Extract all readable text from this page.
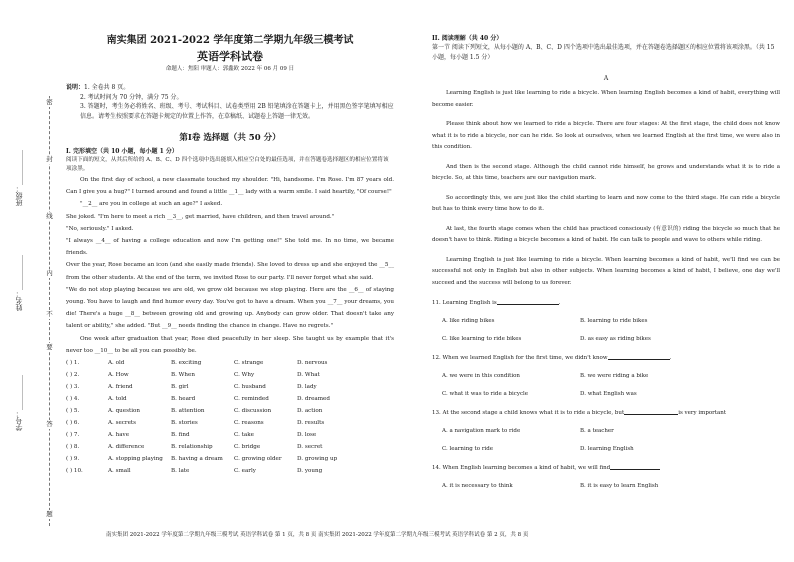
密
封
线
内
不
要
答
题
班级：__________
姓名：__________
学号：__________
南实集团 2021-2022 学年度第二学期九年级三模考试
英语学科试卷
命题人：焦阳 审题人：郭鑫欧 2022 年 06 月 09 日
说明：1. 全卷共 8 页。
2. 考试时间为 70 分钟，满分 75 分。
3. 答题时，考生务必将姓名、班级、考号、考试科目、试卷类型用 2B 铅笔填涂在答题卡上，并用黑色签字笔填写相应信息。请考生按照要求在答题卡规定的位置上作答，在草稿纸、试题卷上答题一律无效。
第Ⅰ卷 选择题（共 50 分）
I. 完形填空（共 10 小题，每小题 1 分）
阅读下面的短文，从其后所给的 A、B、C、D 四个选项中选出能填入相应空白处的最佳选项，并在答题卷选择题区的相应位置将该项涂黑。
On the first day of school, a new classmate touched my shoulder. "Hi, handsome. I'm Rose. I'm 87 years old. Can I give you a hug?" I turned around and found a little __1__ lady with a warm smile. I said heartily, "Of course!"
"__2__ are you in college at such an age?" I asked.
She joked. "I'm here to meet a rich __3__, get married, have children, and then travel around."
"No, seriously." I asked.
"I always __4__ of having a college education and now I'm getting one!" She told me. In no time, we became friends.
Over the year, Rose became an icon (and she easily made friends). She loved to dress up and she enjoyed the __5__ from the other students. At the end of the term, we invited Rose to our party. I'll never forget what she said.
"We do not stop playing because we are old, we grow old because we stop playing. Here are the __6__ of staying young. You have to laugh and find humor every day. You've got to have a dream. When you __7__ your dreams, you die! There's a huge __8__ between growing old and growing up. Anybody can grow older. That doesn't take any talent or ability," she added. "But __9__ needs finding the chance in change. Have no regrets."
One week after graduation that year, Rose died peacefully in her sleep. She taught us by example that it's never too __10__ to be all you can possibly be.
( ) 1.	A. old	B. exciting	C. strange	D. nervous
( ) 2.	A. How	B. When	C. Why	D. What
( ) 3.	A. friend	B. girl	C. husband	D. lady
( ) 4.	A. told	B. heard	C. reminded	D. dreamed
( ) 5.	A. question	B. attention	C. discussion	D. action
( ) 6.	A. secrets	B. stories	C. reasons	D. results
( ) 7.	A. have	B. find	C. take	D. lose
( ) 8.	A. difference	B. relationship	C. bridge	D. secret
( ) 9.	A. stopping playing	B. having a dream	C. growing older	D. growing up
( ) 10.	A. small	B. late	C. early	D. young
II. 阅读理解（共 40 分）
第一节 阅读下列短文，从每小题的 A、B、C、D 四个选项中选出最佳选项，并在答题卷选择题区的相应位置将该项涂黑。（共 15 小题，每小题 1.5 分）
A
Learning English is just like learning to ride a bicycle. When learning English becomes a kind of habit, everything will become easier.
Please think about how we learned to ride a bicycle. There are four stages: At the first stage, the child does not know what it is to ride a bicycle, nor can he ride. So look at ourselves, when we learned English at the first time, we were also in this condition.
And then is the second stage. Although the child cannot ride himself, he grows and understands what it is to ride a bicycle. So, at this time, teachers are our navigation mark.
So accordingly this, we are just like the child starting to learn and now come to the third stage. He can ride a bicycle but has to think every time how to do it.
At last, the fourth stage comes when the child has practiced consciously (有意识的) riding the bicycle so much that he doesn't have to think. Riding a bicycle becomes a kind of habit. He can talk to people and wave to others while riding.
Learning English is just like learning to ride a bicycle. When learning becomes a kind of habit, we'll find we can be successful not only in English but also in other subjects. When learning becomes a kind of habit, I believe, one day we'll succeed and the success will belong to us forever.
11. Learning English is	.
A. like riding bikes	B. learning to ride bikes
C. like learning to ride bikes	D. as easy as riding bikes
12. When we learned English for the first time, we didn't know	.
A. we were in this condition	B. we were riding a bike
C. what it was to ride a bicycle	D. what English was
13. At the second stage a child knows what it is to ride a bicycle, but	is very important
A. a navigation mark to ride	B. a teacher
C. learning to ride	D. learning English
14. When English learning becomes a kind of habit, we will find
A. it is necessary to think	B. it is easy to learn English
南实集团 2021-2022 学年度第二学期九年级三模考试 英语学科试卷 第 1 页，共 8 页 南实集团 2021-2022 学年度第二学期九年级三模考试 英语学科试卷 第 2 页，共 8 页
